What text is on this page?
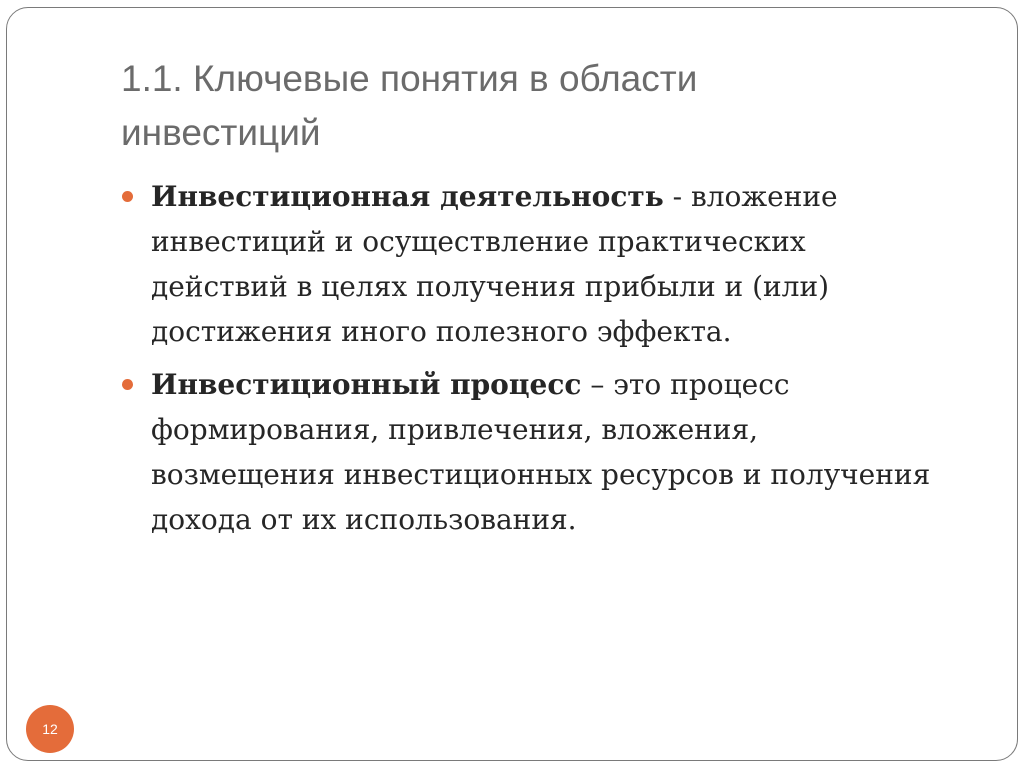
1.1. Ключевые понятия в области инвестиций
Инвестиционная деятельность - вложение инвестиций и осуществление практических действий в целях получения прибыли и (или) достижения иного полезного эффекта.
Инвестиционный процесс – это процесс формирования, привлечения, вложения, возмещения инвестиционных ресурсов и получения дохода от их использования.
12
